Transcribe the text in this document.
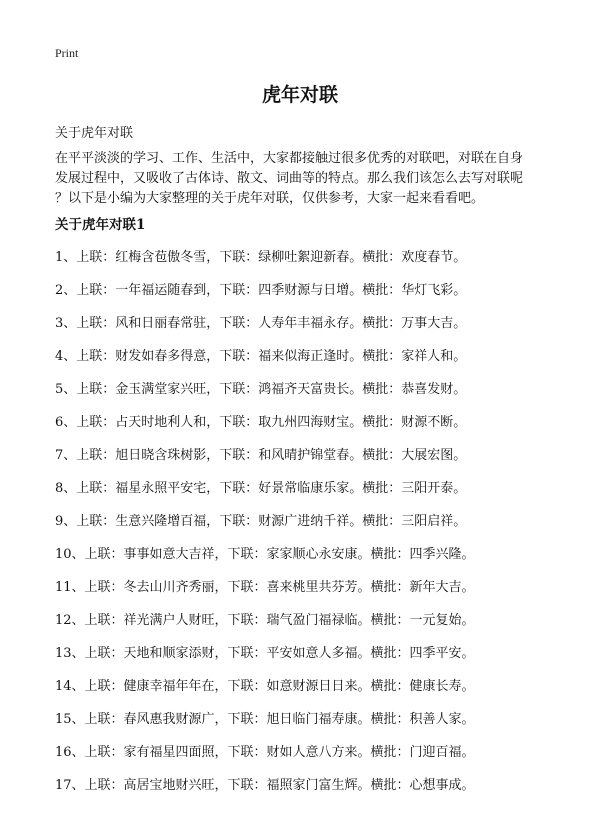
Print
虎年对联
关于虎年对联

在平平淡淡的学习、工作、生活中，大家都接触过很多优秀的对联吧，对联在自身
发展过程中，又吸收了古体诗、散文、词曲等的特点。那么我们该怎么去写对联呢
？以下是小编为大家整理的关于虎年对联，仅供参考，大家一起来看看吧。

关于虎年对联1
1、上联：红梅含苞傲冬雪，下联：绿柳吐絮迎新春。横批：欢度春节。
2、上联：一年福运随春到，下联：四季财源与日增。横批：华灯飞彩。
3、上联：风和日丽春常驻，下联：人寿年丰福永存。横批：万事大吉。
4、上联：财发如春多得意，下联：福来似海正逢时。横批：家祥人和。
5、上联：金玉满堂家兴旺，下联：鸿福齐天富贵长。横批：恭喜发财。
6、上联：占天时地利人和，下联：取九州四海财宝。横批：财源不断。
7、上联：旭日晓含珠树影，下联：和风晴护锦堂春。横批：大展宏图。
8、上联：福星永照平安宅，下联：好景常临康乐家。横批：三阳开泰。
9、上联：生意兴隆增百福，下联：财源广进纳千祥。横批：三阳启祥。
10、上联：事事如意大吉祥，下联：家家顺心永安康。横批：四季兴隆。
11、上联：冬去山川齐秀丽，下联：喜来桃里共芬芳。横批：新年大吉。
12、上联：祥光满户人财旺，下联：瑞气盈门福禄临。横批：一元复始。
13、上联：天地和顺家添财，下联：平安如意人多福。横批：四季平安。
14、上联：健康幸福年年在，下联：如意财源日日来。横批：健康长寿。
15、上联：春风惠我财源广，下联：旭日临门福寿康。横批：积善人家。
16、上联：家有福星四面照，下联：财如人意八方来。横批：门迎百福。
17、上联：高居宝地财兴旺，下联：福照家门富生辉。横批：心想事成。
